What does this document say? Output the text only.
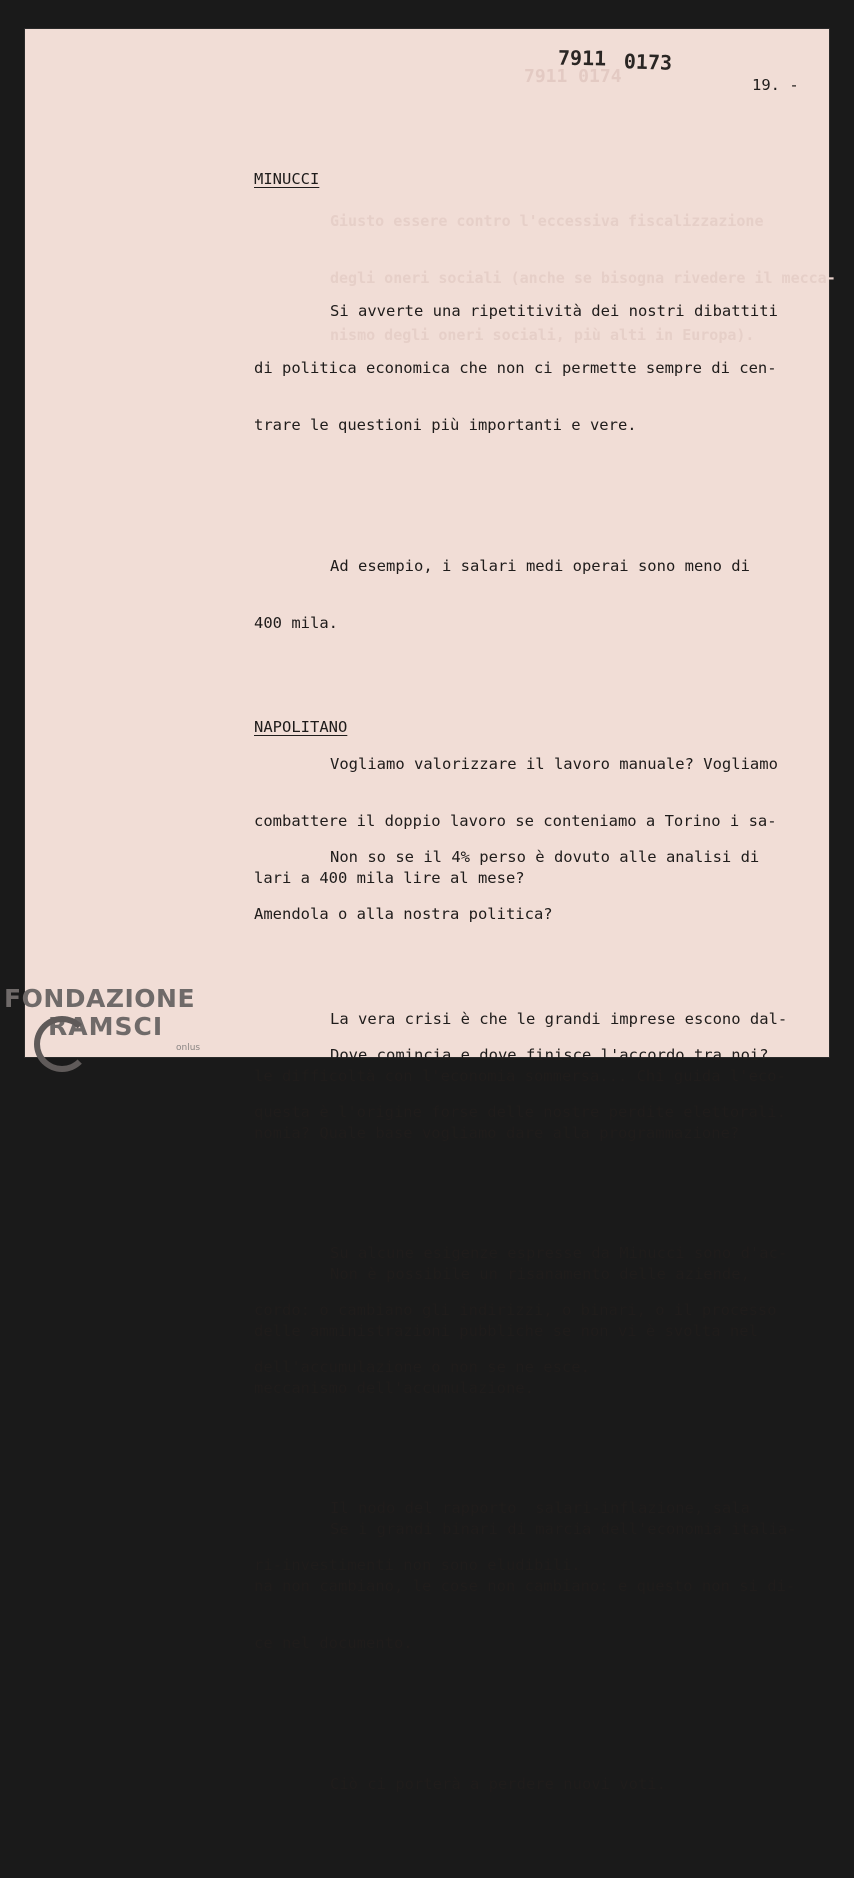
7911 0174
7911 0173
19. -

Giusto essere contro l'eccessiva fiscalizzazione

degli oneri sociali (anche se bisogna rivedere il mecca-

nismo degli oneri sociali, più alti in Europa).

MINUCCI

Si avverte una ripetitività dei nostri dibattiti

di politica economica che non ci permette sempre di cen-

trare le questioni più importanti e vere.

Ad esempio, i salari medi operai sono meno di

400 mila.

Vogliamo valorizzare il lavoro manuale? Vogliamo

combattere il doppio lavoro se conteniamo a Torino i sa-

lari a 400 mila lire al mese?

La vera crisi è che le grandi imprese escono dal-

le difficoltà con l'economia sommersa... Chi guida l'eco-

nomia? Quale base vogliamo dare alla programmazione?

Non è possibile un risanamento delle aziende,

delle amministrazioni pubbliche se non vi è svolta nel

meccanismo dell'accumulazione.

Se i grandi binari di marcia dell'economia italia-

na non cambiano, le cose non cambiano: e questo non si di-

ce nel documento.

Ciò ci porterà a perdere nuovi voti.

NAPOLITANO

Non so se il 4% perso è dovuto alle analisi di

Amendola o alla nostra politica?

Dove comincia e dove finisce l'accordo tra noi?

questa è l'origine forse delle nostre perdite elettorali.

Su alcune esigenze espresse da Minucci sono d'ac-

cordo: o cambiano gli indirizzi, o binari, o il processo

dell'accumulazione o non se ne esce.

Il nodo del rapporto  salari-inflazione, sala

ri-investimenti non sono eludibili.

FONDAZIONE
RAMSCI
onlus
